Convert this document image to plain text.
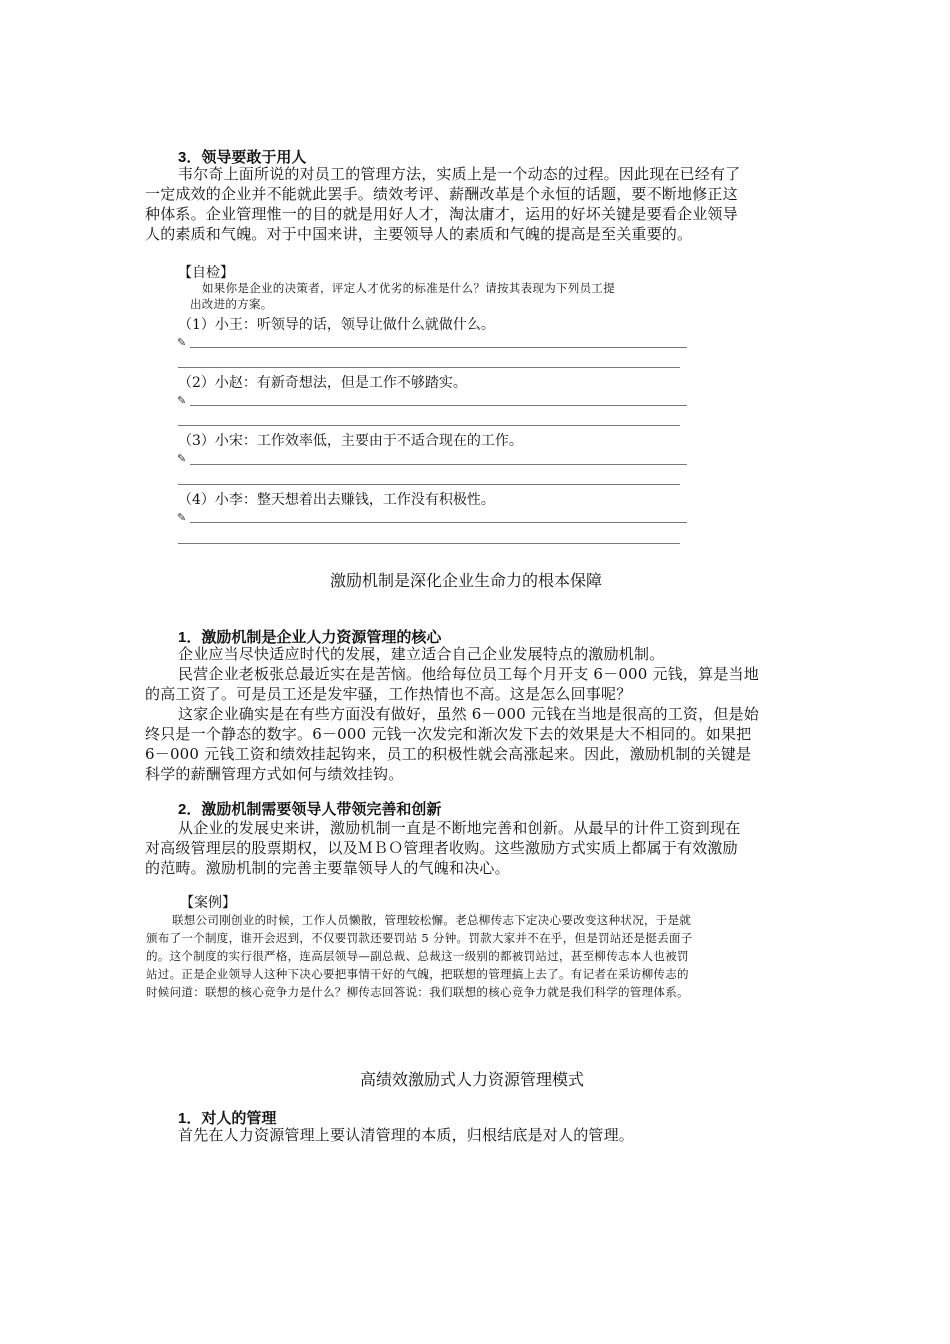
3．领导要敢于用人
韦尔奇上面所说的对员工的管理方法，实质上是一个动态的过程。因此现在已经有了
一定成效的企业并不能就此罢手。绩效考评、薪酬改革是个永恒的话题，要不断地修正这
种体系。企业管理惟一的目的就是用好人才，淘汰庸才，运用的好坏关键是要看企业领导
人的素质和气魄。对于中国来讲，主要领导人的素质和气魄的提高是至关重要的。
【自检】
如果你是企业的决策者，评定人才优劣的标准是什么？请按其表现为下列员工提
出改进的方案。
（1）小王：听领导的话，领导让做什么就做什么。
✎
（2）小赵：有新奇想法，但是工作不够踏实。
✎
（3）小宋：工作效率低，主要由于不适合现在的工作。
✎
（4）小李：整天想着出去赚钱，工作没有积极性。
✎
激励机制是深化企业生命力的根本保障
1．激励机制是企业人力资源管理的核心
企业应当尽快适应时代的发展，建立适合自己企业发展特点的激励机制。
民营企业老板张总最近实在是苦恼。他给每位员工每个月开支 6－000 元钱，算是当地
的高工资了。可是员工还是发牢骚，工作热情也不高。这是怎么回事呢？
这家企业确实是在有些方面没有做好，虽然 6－000 元钱在当地是很高的工资，但是始
终只是一个静态的数字。6－000 元钱一次发完和渐次发下去的效果是大不相同的。如果把
6－000 元钱工资和绩效挂起钩来，员工的积极性就会高涨起来。因此，激励机制的关键是
科学的薪酬管理方式如何与绩效挂钩。
2．激励机制需要领导人带领完善和创新
从企业的发展史来讲，激励机制一直是不断地完善和创新。从最早的计件工资到现在
对高级管理层的股票期权，以及ＭＢＯ管理者收购。这些激励方式实质上都属于有效激励
的范畴。激励机制的完善主要靠领导人的气魄和决心。
【案例】
联想公司刚创业的时候，工作人员懒散，管理较松懈。老总柳传志下定决心要改变这种状况，于是就
颁布了一个制度，谁开会迟到，不仅要罚款还要罚站 5 分钟。罚款大家并不在乎，但是罚站还是挺丢面子
的。这个制度的实行很严格，连高层领导—副总裁、总裁这一级别的都被罚站过，甚至柳传志本人也被罚
站过。正是企业领导人这种下决心要把事情干好的气魄，把联想的管理搞上去了。有记者在采访柳传志的
时候问道：联想的核心竞争力是什么？柳传志回答说：我们联想的核心竞争力就是我们科学的管理体系。
高绩效激励式人力资源管理模式
1．对人的管理
首先在人力资源管理上要认清管理的本质，归根结底是对人的管理。
